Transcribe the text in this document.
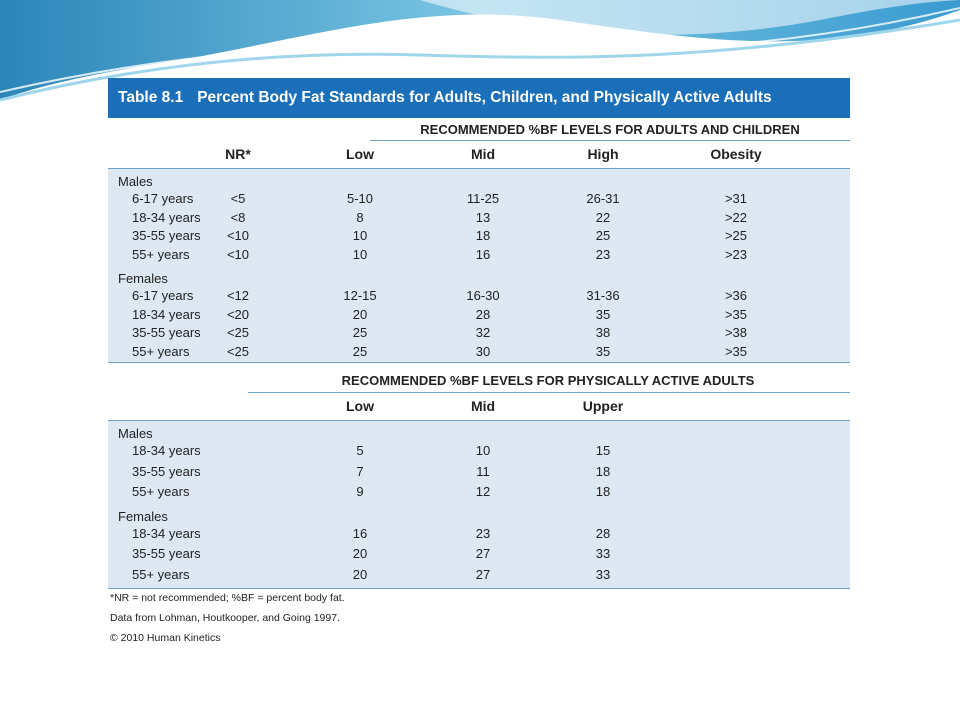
Ta
Table 8.1 Percent Body Fat Standards for Adults, Children, and Physically Active Adults
RECOMMENDED %BF LEVELS FOR ADULTS AND CHILDREN
NR*	Low	Mid	High	Obesity
Males
6-17 years	<5	5-10	11-25	26-31	>31
18-34 years	<8	8	13	22	>22
35-55 years	<10	10	18	25	>25
55+ years	<10	10	16	23	>23
Females
6-17 years	<12	12-15	16-30	31-36	>36
18-34 years	<20	20	28	35	>35
35-55 years	<25	25	32	38	>38
55+ years	<25	25	30	35	>35
RECOMMENDED %BF LEVELS FOR PHYSICALLY ACTIVE ADULTS
Low	Mid	Upper
Males
18-34 years	5	10	15
35-55 years	7	11	18
55+ years	9	12	18
Females
18-34 years	16	23	28
35-55 years	20	27	33
55+ years	20	27	33
*NR = not recommended; %BF = percent body fat.
Data from Lohman, Houtkooper, and Going 1997.
© 2010 Human Kinetics
